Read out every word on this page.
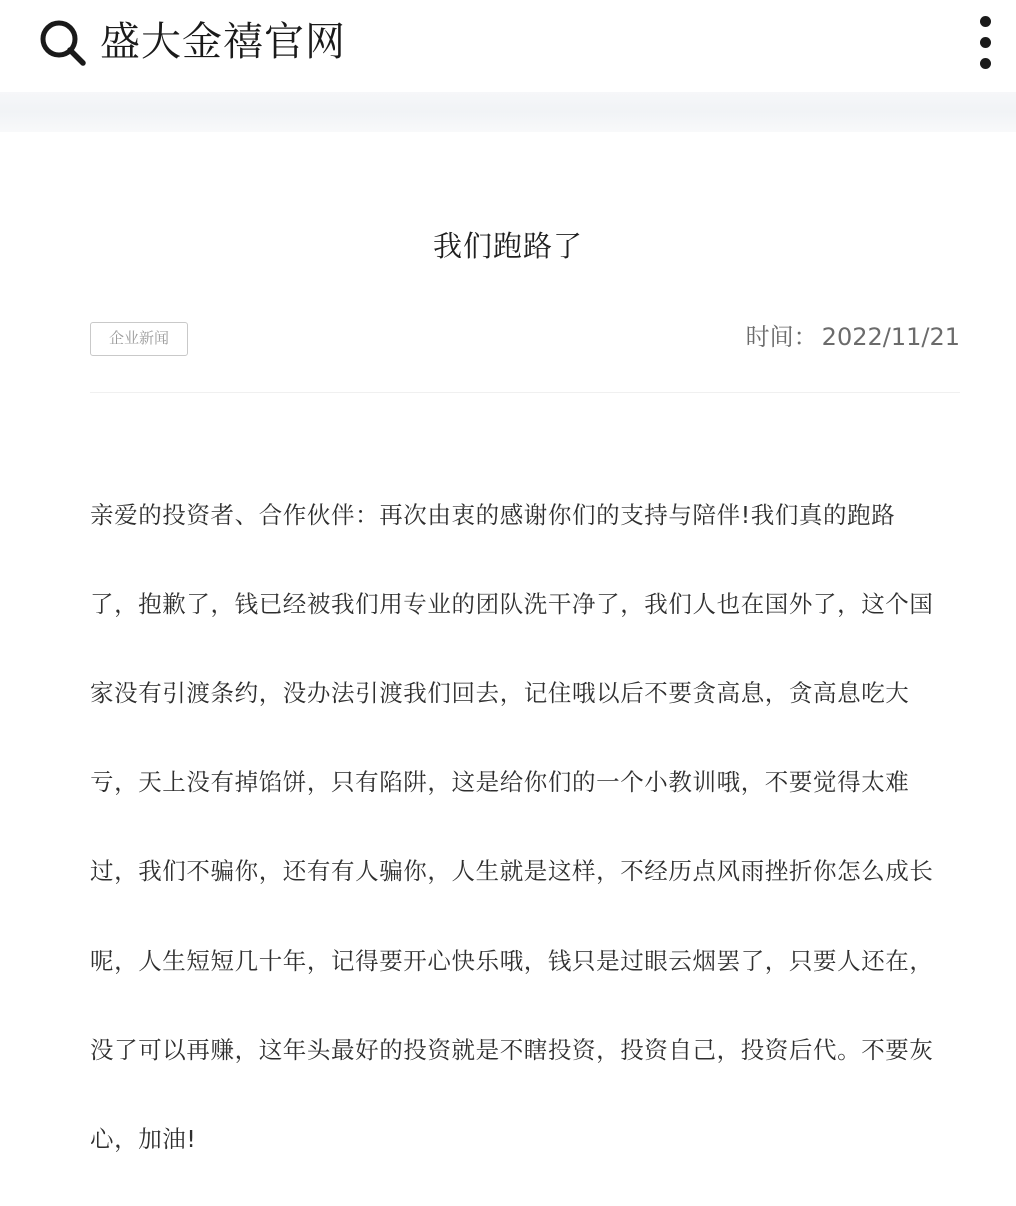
盛大金禧官网
我们跑路了
企业新闻	时间： 2022/11/21

亲爱的投资者、合作伙伴：再次由衷的感谢你们的支持与陪伴!我们真的跑路

了，抱歉了，钱已经被我们用专业的团队洗干净了，我们人也在国外了，这个国

家没有引渡条约，没办法引渡我们回去，记住哦以后不要贪高息，贪高息吃大

亏，天上没有掉馅饼，只有陷阱，这是给你们的一个小教训哦，不要觉得太难

过，我们不骗你，还有有人骗你，人生就是这样，不经历点风雨挫折你怎么成长

呢，人生短短几十年，记得要开心快乐哦，钱只是过眼云烟罢了，只要人还在，

没了可以再赚，这年头最好的投资就是不瞎投资，投资自己，投资后代。不要灰

心，加油!
